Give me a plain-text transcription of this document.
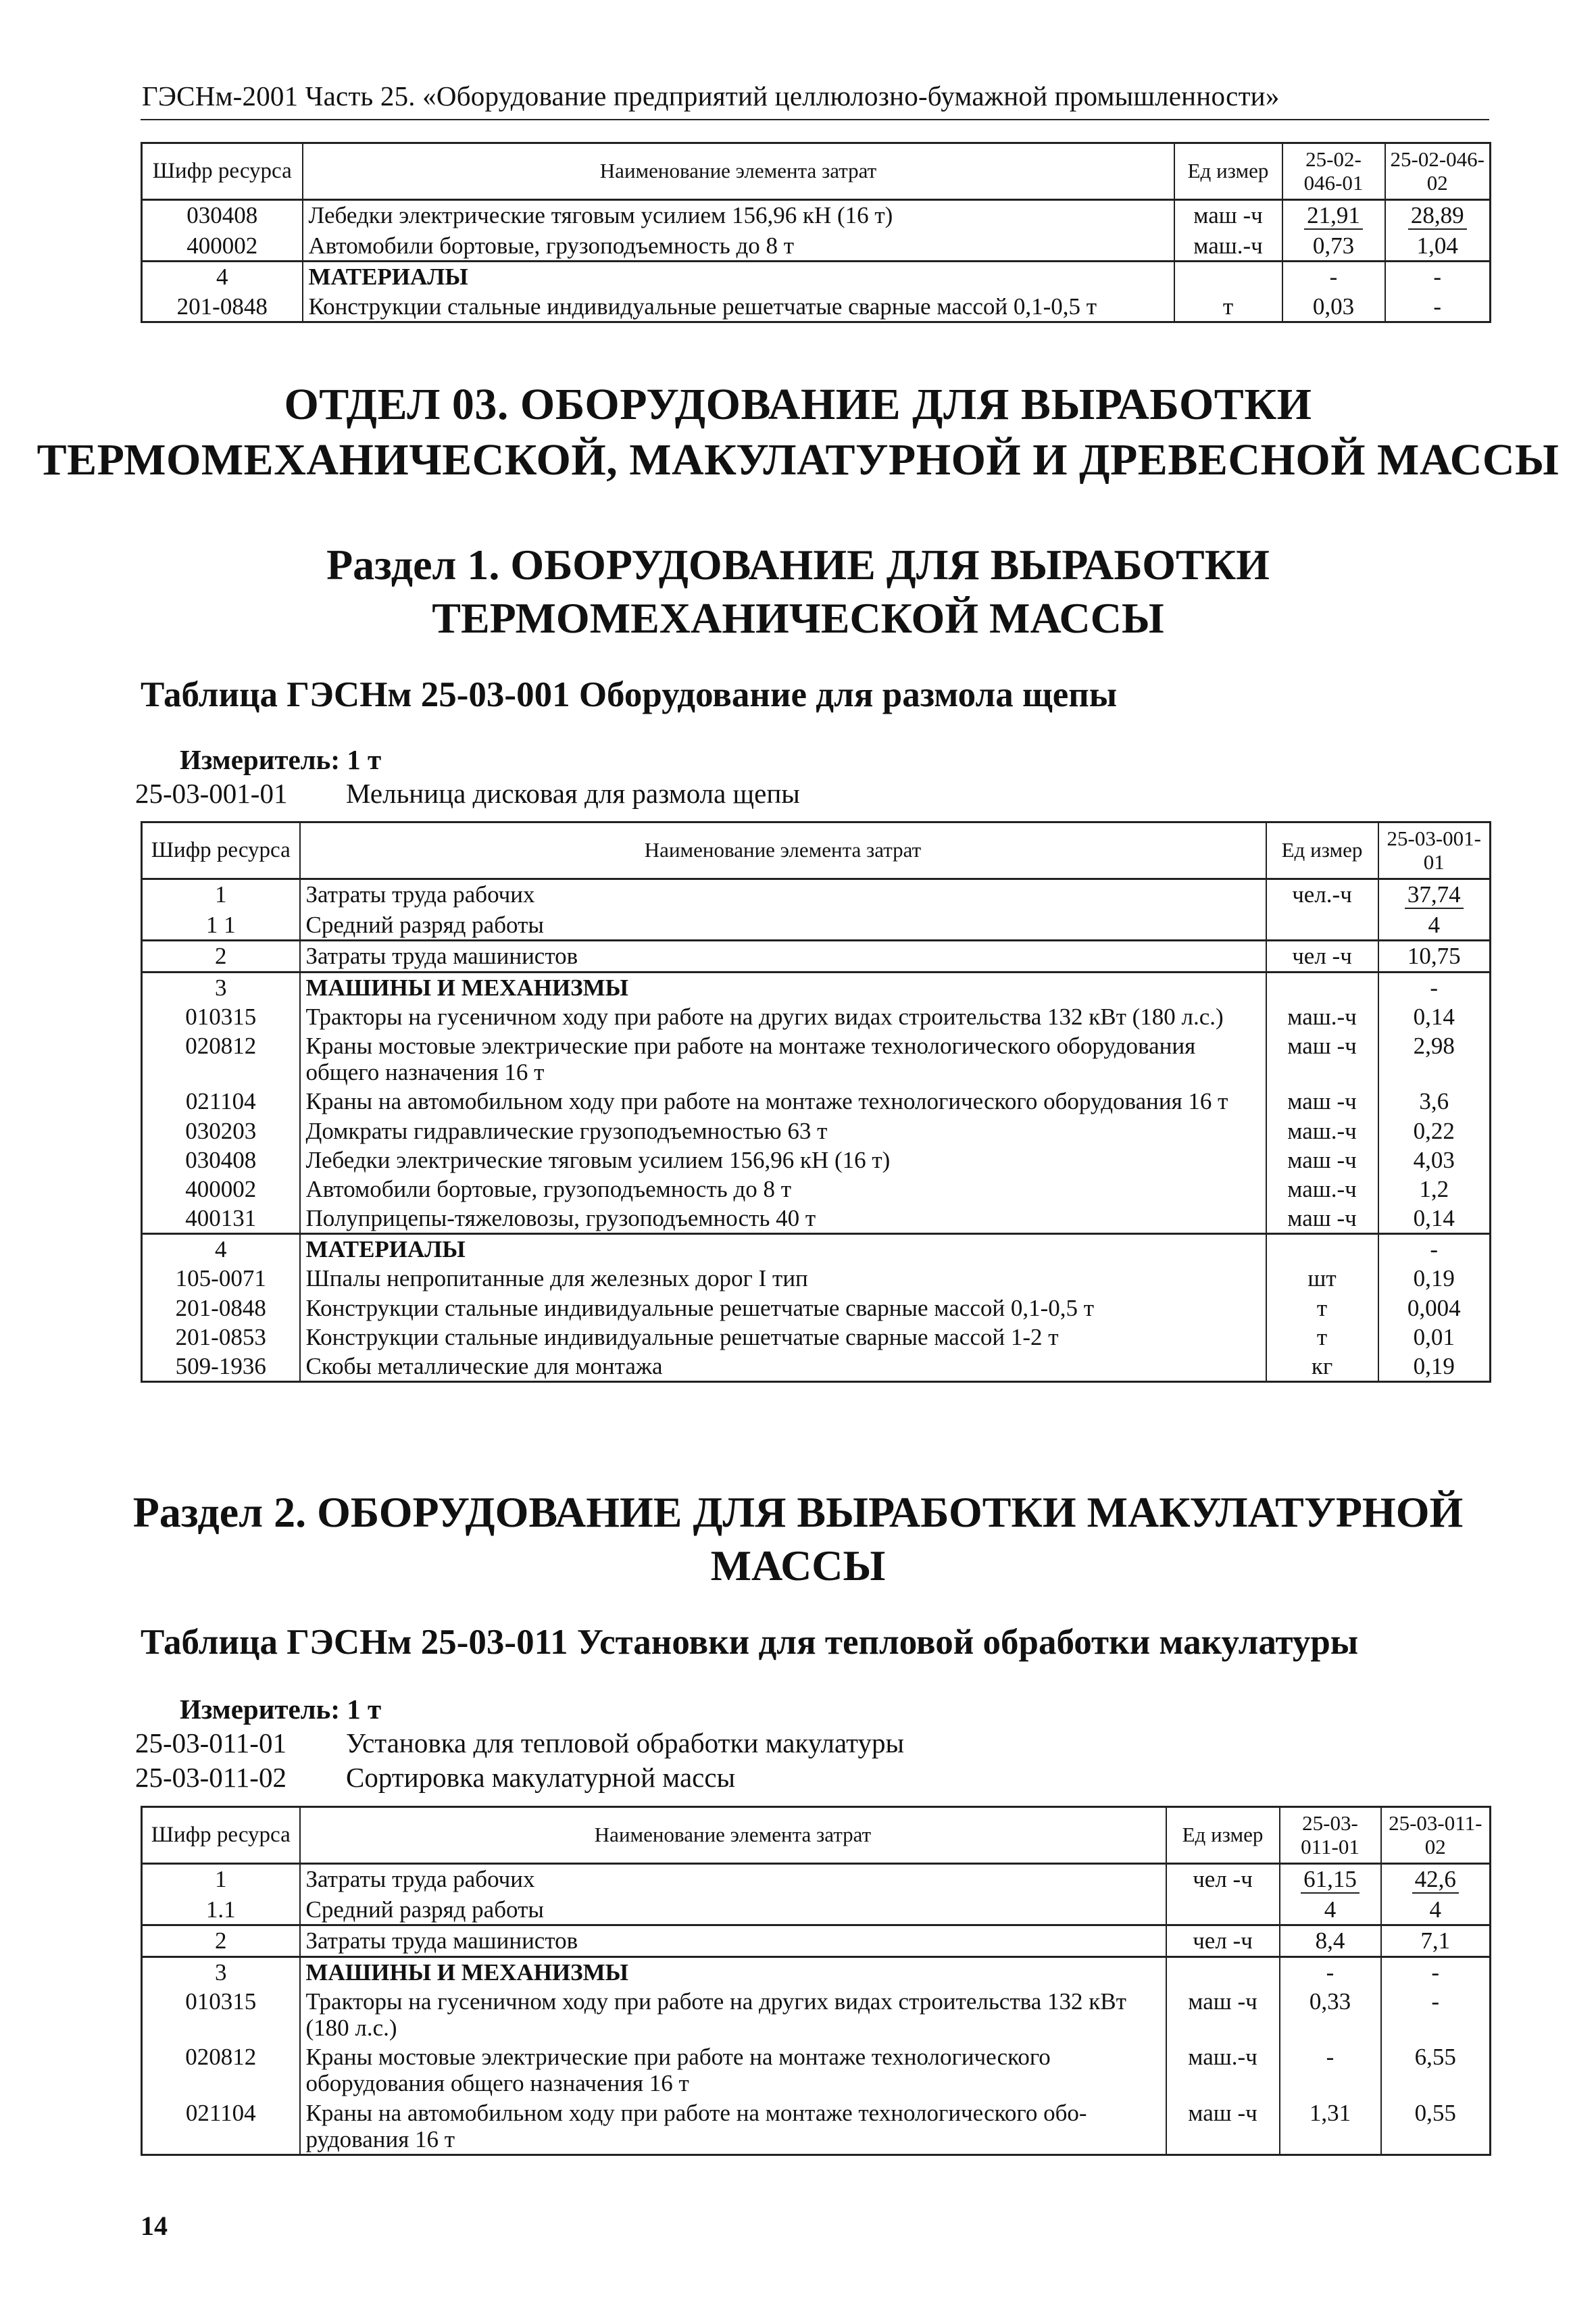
ГЭСНм-2001 Часть 25. «Оборудование предприятий целлюлозно-бумажной промышленности»
Шифр ресурса	Наименование элемента затрат	Ед измер	25-02-046-01	25-02-046-02
030408	Лебедки электрические тяговым усилием 156,96 кН (16 т)	маш -ч	21,91	28,89
400002	Автомобили бортовые, грузоподъемность до 8 т	маш.-ч	0,73	1,04
4	МАТЕРИАЛЫ		-	-
201-0848	Конструкции стальные индивидуальные решетчатые сварные массой 0,1-0,5 т	т	0,03	-
ОТДЕЛ 03. ОБОРУДОВАНИЕ ДЛЯ ВЫРАБОТКИ
ТЕРМОМЕХАНИЧЕСКОЙ, МАКУЛАТУРНОЙ И ДРЕВЕСНОЙ МАССЫ
Раздел 1. ОБОРУДОВАНИЕ ДЛЯ ВЫРАБОТКИ
ТЕРМОМЕХАНИЧЕСКОЙ МАССЫ
Таблица ГЭСНм 25-03-001 Оборудование для размола щепы
Измеритель: 1 т
25-03-001-01 Мельница дисковая для размола щепы
Шифр ресурса	Наименование элемента затрат	Ед измер	25-03-001-01
1	Затраты труда рабочих	чел.-ч	37,74
1 1	Средний разряд работы		4
2	Затраты труда машинистов	чел -ч	10,75
3	МАШИНЫ И МЕХАНИЗМЫ		-
010315	Тракторы на гусеничном ходу при работе на других видах строительства 132 кВт (180 л.с.)	маш.-ч	0,14
020812	Краны мостовые электрические при работе на монтаже технологического оборудования общего назначения 16 т	маш -ч	2,98
021104	Краны на автомобильном ходу при работе на монтаже технологического оборудования 16 т	маш -ч	3,6
030203	Домкраты гидравлические грузоподъемностью 63 т	маш.-ч	0,22
030408	Лебедки электрические тяговым усилием 156,96 кН (16 т)	маш -ч	4,03
400002	Автомобили бортовые, грузоподъемность до 8 т	маш.-ч	1,2
400131	Полуприцепы-тяжеловозы, грузоподъемность 40 т	маш -ч	0,14
4	МАТЕРИАЛЫ		-
105-0071	Шпалы непропитанные для железных дорог I тип	шт	0,19
201-0848	Конструкции стальные индивидуальные решетчатые сварные массой 0,1-0,5 т	т	0,004
201-0853	Конструкции стальные индивидуальные решетчатые сварные массой 1-2 т	т	0,01
509-1936	Скобы металлические для монтажа	кг	0,19
Раздел 2. ОБОРУДОВАНИЕ ДЛЯ ВЫРАБОТКИ МАКУЛАТУРНОЙ
МАССЫ
Таблица ГЭСНм 25-03-011 Установки для тепловой обработки макулатуры
Измеритель: 1 т
25-03-011-01 Установка для тепловой обработки макулатуры
25-03-011-02 Сортировка макулатурной массы
Шифр ресурса	Наименование элемента затрат	Ед измер	25-03-011-01	25-03-011-02
1	Затраты труда рабочих	чел -ч	61,15	42,6
1.1	Средний разряд работы		4	4
2	Затраты труда машинистов	чел -ч	8,4	7,1
3	МАШИНЫ И МЕХАНИЗМЫ		-	-
010315	Тракторы на гусеничном ходу при работе на других видах строительства 132 кВт (180 л.с.)	маш -ч	0,33	-
020812	Краны мостовые электрические при работе на монтаже технологического оборудования общего назначения 16 т	маш.-ч	-	6,55
021104	Краны на автомобильном ходу при работе на монтаже технологического обо-рудования 16 т	маш -ч	1,31	0,55
14
